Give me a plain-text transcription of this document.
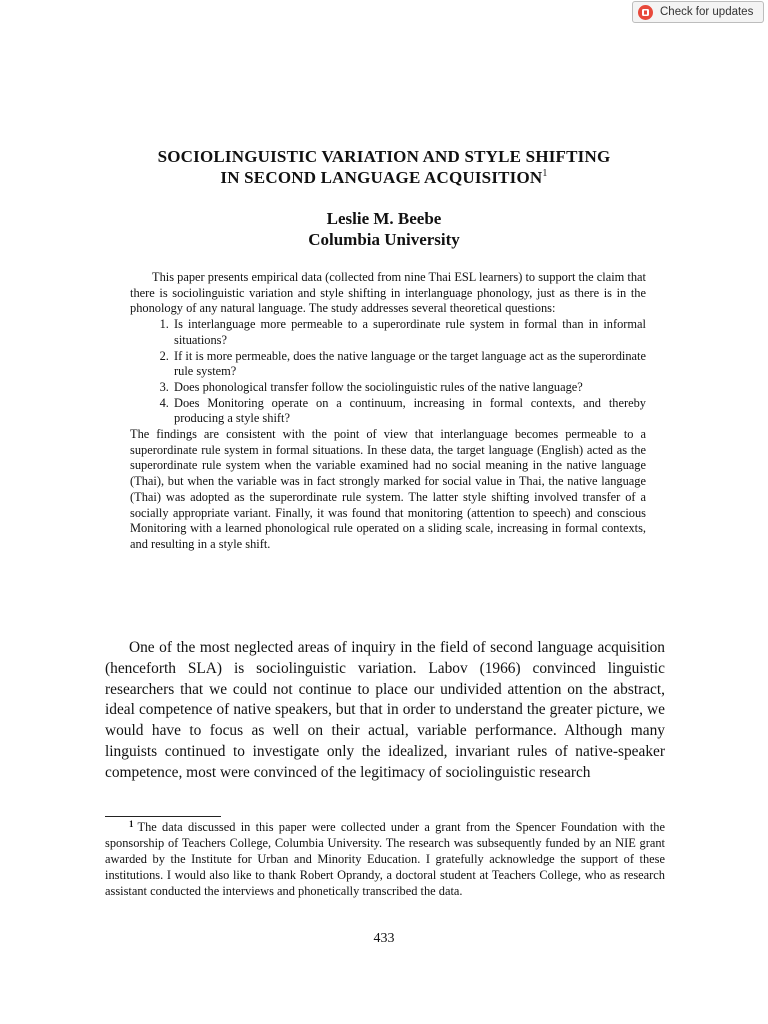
Check for updates
SOCIOLINGUISTIC VARIATION AND STYLE SHIFTING
IN SECOND LANGUAGE ACQUISITION$^1$
Leslie M. Beebe
Columbia University

This paper presents empirical data (collected from nine Thai ESL learners) to support the claim that there is sociolinguistic variation and style shifting in interlanguage phonology, just as there is in the phonology of any natural language. The study addresses several theoretical questions:

1. Is interlanguage more permeable to a superordinate rule system in formal than in informal situations?
2. If it is more permeable, does the native language or the target language act as the superordinate rule system?
3. Does phonological transfer follow the sociolinguistic rules of the native language?
4. Does Monitoring operate on a continuum, increasing in formal contexts, and thereby producing a style shift?

The findings are consistent with the point of view that interlanguage becomes permeable to a superordinate rule system in formal situations. In these data, the target language (English) acted as the superordinate rule system when the variable examined had no social meaning in the native language (Thai), but when the variable was in fact strongly marked for social value in Thai, the native language (Thai) was adopted as the superordinate rule system. The latter style shifting involved transfer of a socially appropriate variant. Finally, it was found that monitoring (attention to speech) and conscious Monitoring with a learned phonological rule operated on a sliding scale, increasing in formal contexts, and resulting in a style shift.

One of the most neglected areas of inquiry in the field of second language acquisition (henceforth SLA) is sociolinguistic variation. Labov (1966) convinced linguistic researchers that we could not continue to place our undivided attention on the abstract, ideal competence of native speakers, but that in order to understand the greater picture, we would have to focus as well on their actual, variable performance. Although many linguists continued to investigate only the idealized, invariant rules of native-speaker competence, most were convinced of the legitimacy of sociolinguistic research

$^1$ The data discussed in this paper were collected under a grant from the Spencer Foundation with the sponsorship of Teachers College, Columbia University. The research was subsequently funded by an NIE grant awarded by the Institute for Urban and Minority Education. I gratefully acknowledge the support of these institutions. I would also like to thank Robert Oprandy, a doctoral student at Teachers College, who as research assistant conducted the interviews and phonetically transcribed the data.

433
